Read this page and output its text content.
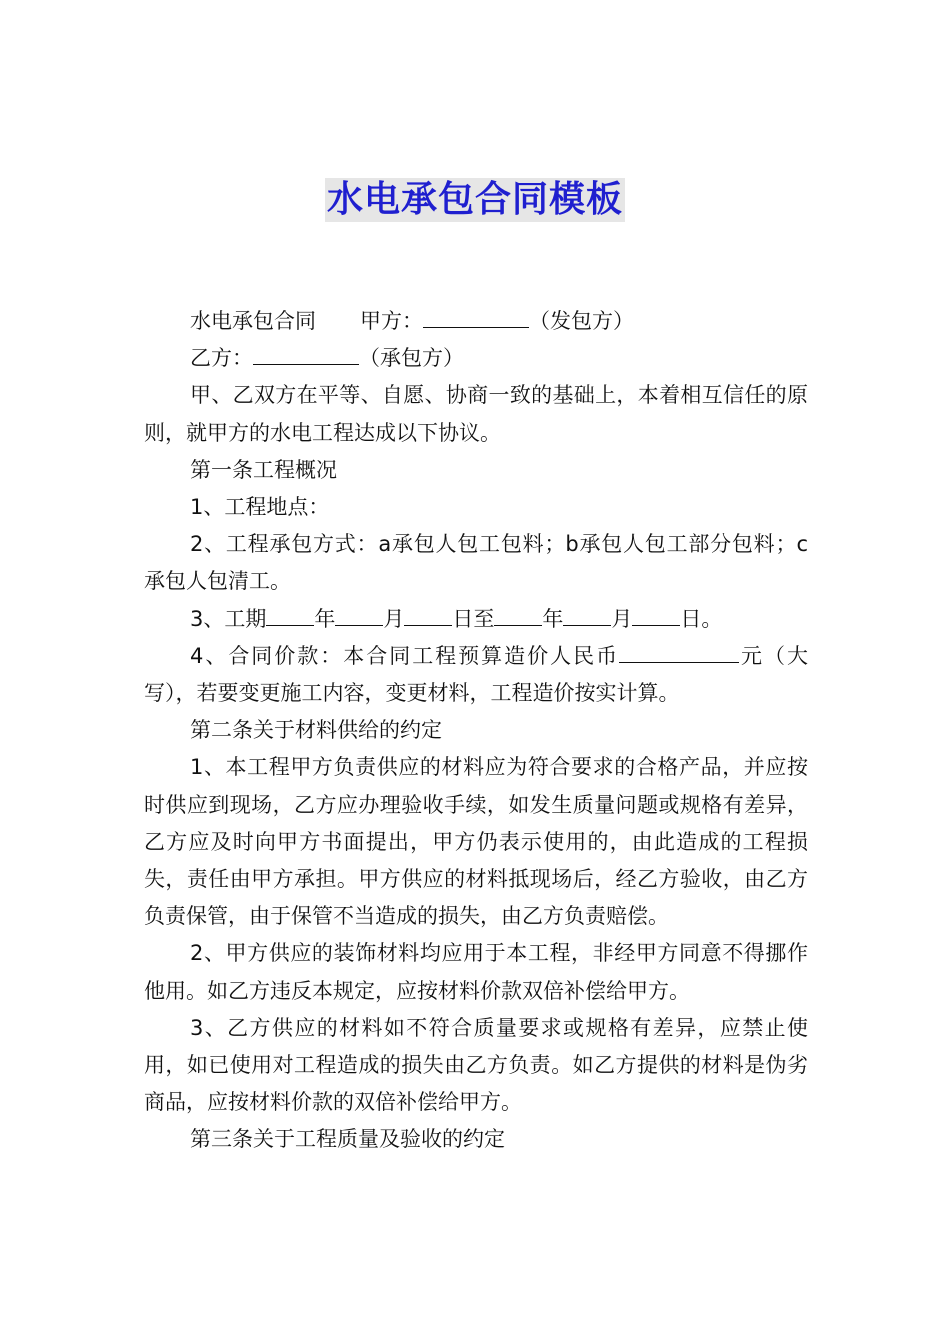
水电承包合同模板

水电承包合同 甲方：	（发包方）

乙方：	（承包方）

甲、乙双方在平等、自愿、协商一致的基础上，本着相互信任的原则，就甲方的水电工程达成以下协议。

第一条工程概况

1、工程地点：

2、工程承包方式：a承包人包工包料；b承包人包工部分包料；c承包人包清工。

3、工期 年 月 日至 年 月 日。

4、合同价款：本合同工程预算造价人民币	元（大写），若要变更施工内容，变更材料，工程造价按实计算。

第二条关于材料供给的约定

1、本工程甲方负责供应的材料应为符合要求的合格产品，并应按时供应到现场，乙方应办理验收手续，如发生质量问题或规格有差异，乙方应及时向甲方书面提出，甲方仍表示使用的，由此造成的工程损失，责任由甲方承担。甲方供应的材料抵现场后，经乙方验收，由乙方负责保管，由于保管不当造成的损失，由乙方负责赔偿。

2、甲方供应的装饰材料均应用于本工程，非经甲方同意不得挪作他用。如乙方违反本规定，应按材料价款双倍补偿给甲方。

3、乙方供应的材料如不符合质量要求或规格有差异，应禁止使用，如已使用对工程造成的损失由乙方负责。如乙方提供的材料是伪劣商品，应按材料价款的双倍补偿给甲方。

第三条关于工程质量及验收的约定
